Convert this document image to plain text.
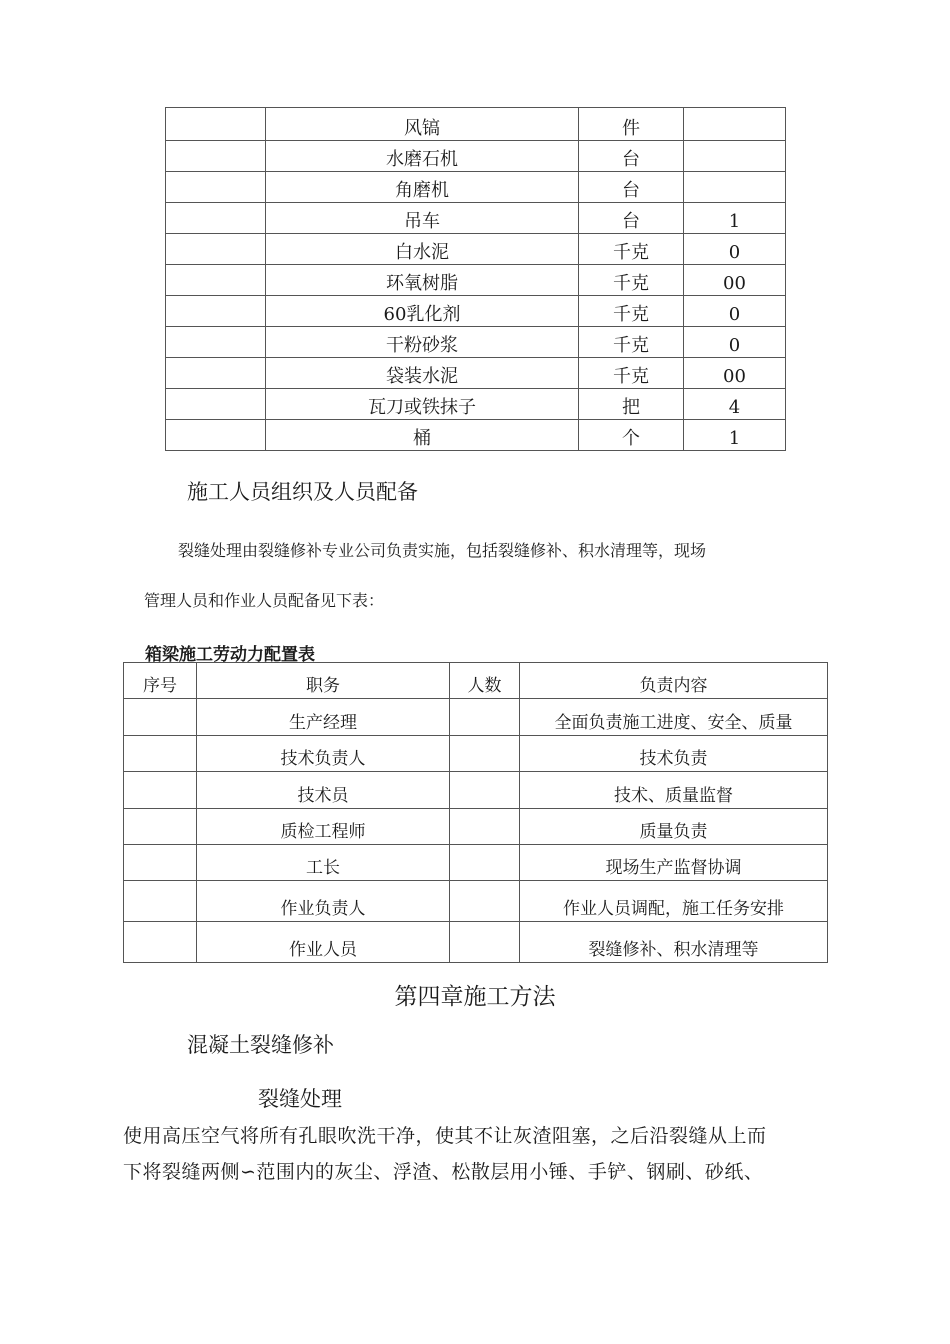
	风镐	件	
	水磨石机	台	
	角磨机	台	
	吊车	台	1
	白水泥	千克	0
	环氧树脂	千克	00
	60乳化剂	千克	0
	干粉砂浆	千克	0
	袋装水泥	千克	00
	瓦刀或铁抹子	把	4
	桶	个	1
施工人员组织及人员配备
裂缝处理由裂缝修补专业公司负责实施，包括裂缝修补、积水清理等，现场
管理人员和作业人员配备见下表：
箱梁施工劳动力配置表
序号	职务	人数	负责内容
	生产经理		全面负责施工进度、安全、质量
	技术负责人		技术负责
	技术员		技术、质量监督
	质检工程师		质量负责
	工长		现场生产监督协调
	作业负责人		作业人员调配，施工任务安排
	作业人员		裂缝修补、积水清理等
第四章施工方法
混凝土裂缝修补
裂缝处理
使用高压空气将所有孔眼吹洗干净，使其不让灰渣阻塞，之后沿裂缝从上而
下将裂缝两侧∽范围内的灰尘、浮渣、松散层用小锤、手铲、钢刷、砂纸、
